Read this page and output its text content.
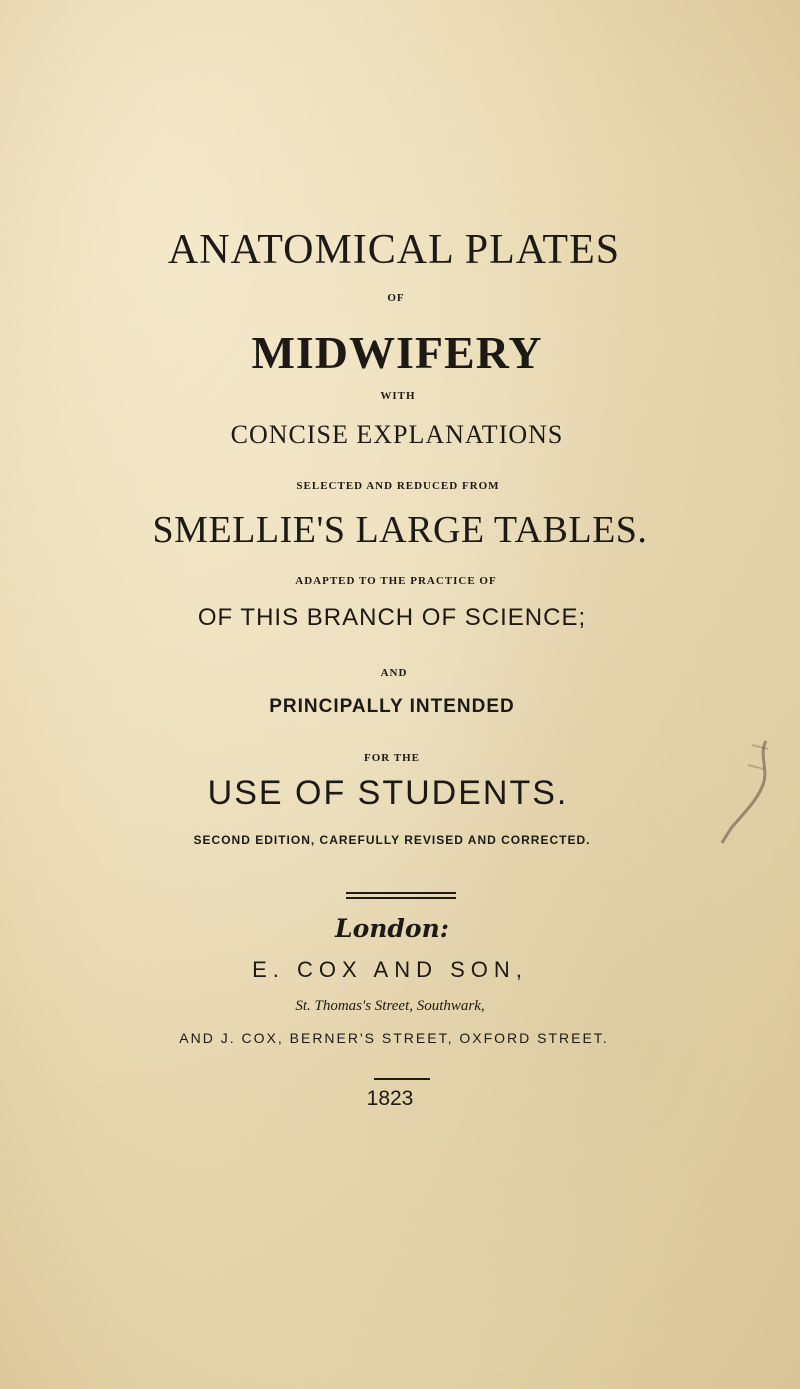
ANATOMICAL PLATES
OF
MIDWIFERY
WITH
CONCISE EXPLANATIONS
SELECTED AND REDUCED FROM
SMELLIE'S LARGE TABLES.
ADAPTED TO THE PRACTICE OF
OF THIS BRANCH OF SCIENCE;
AND
PRINCIPALLY INTENDED
FOR THE
USE OF STUDENTS.
SECOND EDITION, CAREFULLY REVISED AND CORRECTED.
London:
E. COX AND SON,
St. Thomas's Street, Southwark,
AND J. COX, BERNER'S STREET, OXFORD STREET.
1823
